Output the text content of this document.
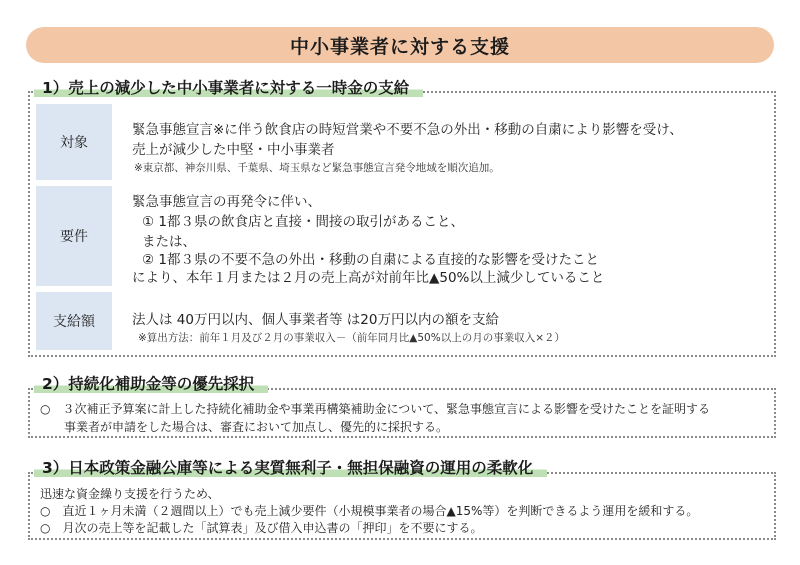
中小事業者に対する支援
1）売上の減少した中小事業者に対する一時金の支給
対象
緊急事態宣言※に伴う飲食店の時短営業や不要不急の外出・移動の自粛により影響を受け、
売上が減少した中堅・中小事業者
※東京都、神奈川県、千葉県、埼玉県など緊急事態宣言発令地域を順次追加。
要件
緊急事態宣言の再発令に伴い、
① 1都３県の飲食店と直接・間接の取引があること、
または、
② 1都３県の不要不急の外出・移動の自粛による直接的な影響を受けたこと
により、本年１月または２月の売上高が対前年比▲50%以上減少していること
支給額	法人は 40万円以内、個人事業者等 は20万円以内の額を支給
※算出方法：前年１月及び２月の事業収入－（前年同月比▲50%以上の月の事業収入×２）
2）持続化補助金等の優先採択
○　３次補正予算案に計上した持続化補助金や事業再構築補助金について、緊急事態宣言による影響を受けたことを証明する
　　事業者が申請をした場合は、審査において加点し、優先的に採択する。
3）日本政策金融公庫等による実質無利子・無担保融資の運用の柔軟化
迅速な資金繰り支援を行うため、
○　直近１ヶ月未満（２週間以上）でも売上減少要件（小規模事業者の場合▲15%等）を判断できるよう運用を緩和する。
○　月次の売上等を記載した「試算表」及び借入申込書の「押印」を不要にする。
